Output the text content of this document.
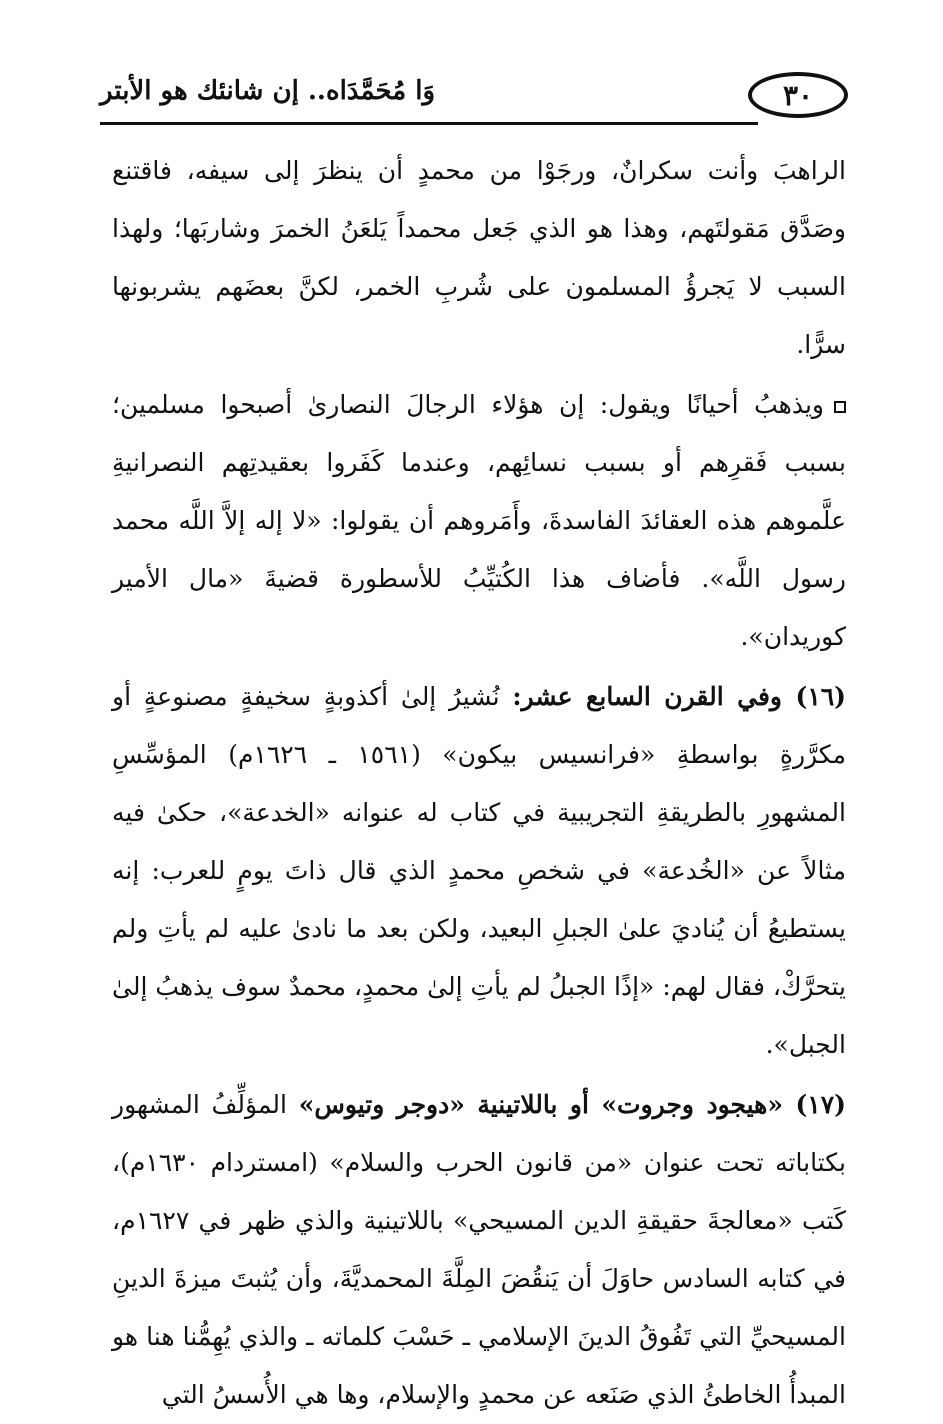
٣٠
وَا مُحَمَّدَاه.. إن شانئك هو الأبتر

الراهبَ وأنت سكرانٌ، ورجَوْا من محمدٍ أن ينظرَ إلى سيفه، فاقتنع وصَدَّق مَقولتَهم، وهذا هو الذي جَعل محمداً يَلعَنُ الخمرَ وشاربَها؛ ولهذا السبب لا يَجرؤُ المسلمون على شُربِ الخمر، لكنَّ بعضَهم يشربونها سرًّا.

ويذهبُ أحيانًا ويقول: إن هؤلاء الرجالَ النصارىٰ أصبحوا مسلمين؛ بسبب فَقرِهم أو بسبب نسائِهم، وعندما كَفَروا بعقيدتِهم النصرانيةِ علَّموهم هذه العقائدَ الفاسدةَ، وأَمَروهم أن يقولوا: «لا إله إلاَّ اللَّه محمد رسول اللَّه». فأضاف هذا الكُتيِّبُ للأسطورة قضيةَ «مال الأمير كوريدان».

(١٦) وفي القرن السابع عشر: نُشيرُ إلىٰ أكذوبةٍ سخيفةٍ مصنوعةٍ أو مكرَّرةٍ بواسطةِ «فرانسيس بيكون» (١٥٦١ ـ ١٦٢٦م) المؤسِّسِ المشهورِ بالطريقةِ التجريبية في كتاب له عنوانه «الخدعة»، حكىٰ فيه مثالاً عن «الخُدعة» في شخصِ محمدٍ الذي قال ذاتَ يومٍ للعرب: إنه يستطيعُ أن يُناديَ علىٰ الجبلِ البعيد، ولكن بعد ما نادىٰ عليه لم يأتِ ولم يتحرَّكْ، فقال لهم: «إذًا الجبلُ لم يأتِ إلىٰ محمدٍ، محمدٌ سوف يذهبُ إلىٰ الجبل».

(١٧) «هيجود وجروت» أو باللاتينية «دوجر وتيوس» المؤلِّفُ المشهور بكتاباته تحت عنوان «من قانون الحرب والسلام» (امستردام ١٦٣٠م)، كَتب «معالجةَ حقيقةِ الدين المسيحي» باللاتينية والذي ظهر في ١٦٢٧م، في كتابه السادس حاوَلَ أن يَنقُضَ المِلَّةَ المحمديَّةَ، وأن يُثبتَ ميزةَ الدينِ المسيحيِّ التي تَفُوقُ الدينَ الإسلامي ـ حَسْبَ كلماته ـ والذي يُهِمُّنا هنا هو المبدأُ الخاطئُ الذي صَنَعه عن محمدٍ والإسلام، وها هي الأُسسُ التي
